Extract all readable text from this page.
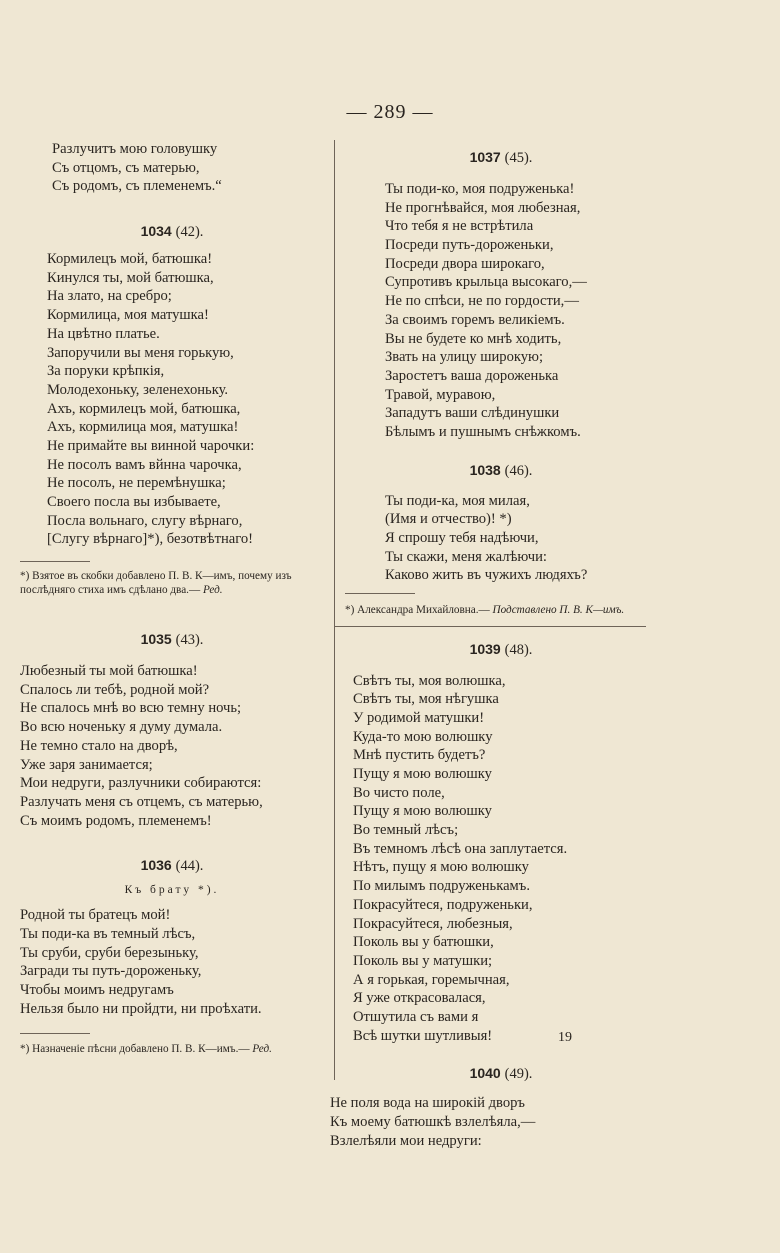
— 289 —
Разлучитъ мою головушку
Съ отцомъ, съ матерью,
Съ родомъ, съ племенемъ.“
1034 (42).
Кормилецъ мой, батюшка!
Кинулся ты, мой батюшка,
На злато, на сребро;
Кормилица, моя матушка!
На цвѣтно платье.
Запоручили вы меня горькую,
За поруки крѣпкія,
Молодехоньку, зеленехоньку.
Ахъ, кормилецъ мой, батюшка,
Ахъ, кормилица моя, матушка!
Не примайте вы винной чарочки:
Не посолъ вамъ вйнна чарочка,
Не посолъ, не перемѣнушка;
Своего посла вы избываете,
Посла вольнаго, слугу вѣрнаго,
[Слугу вѣрнаго]*), безотвѣтнаго!
*) Взятое въ скобки добавлено П. В. К—имъ, почему изъ послѣдняго стиха имъ сдѣлано два.— Ред.
1035 (43).
Любезный ты мой батюшка!
Спалось ли тебѣ, родной мой?
Не спалось мнѣ во всю темну ночь;
Во всю ноченьку я думу думала.
Не темно стало на дворѣ,
Уже заря занимается;
Мои недруги, разлучники собираются:
Разлучать меня съ отцемъ, съ матерью,
Съ моимъ родомъ, племенемъ!
1036 (44).
Къ брату *).
Родной ты братецъ мой!
Ты поди-ка въ темный лѣсъ,
Ты сруби, сруби березыньку,
Загради ты путь-дороженьку,
Чтобы моимъ недругамъ
Нельзя было ни пройдти, ни проѣхати.
*) Назначеніе пѣсни добавлено П. В. К—имъ.— Ред.
1037 (45).
Ты поди-ко, моя подруженька!
Не прогнѣвайся, моя любезная,
Что тебя я не встрѣтила
Посреди путь-дороженьки,
Посреди двора широкаго,
Супротивъ крыльца высокаго,—
Не по спѣси, не по гордости,—
За своимъ горемъ великіемъ.
Вы не будете ко мнѣ ходить,
Звать на улицу широкую;
Заростетъ ваша дороженька
Травой, муравою,
Западутъ ваши слѣдинушки
Бѣлымъ и пушнымъ снѣжкомъ.
1038 (46).
Ты поди-ка, моя милая,
(Имя и отчество)! *)
Я спрошу тебя надѣючи,
Ты скажи, меня жалѣючи:
Каково жить въ чужихъ людяхъ?
*) Александра Михайловна.— Подставлено П. В. К—имъ.
1039 (48).
Свѣтъ ты, моя волюшка,
Свѣтъ ты, моя нѣгушка
У родимой матушки!
Куда-то мою волюшку
Мнѣ пустить будетъ?
Пущу я мою волюшку
Во чисто поле,
Пущу я мою волюшку
Во темный лѣсъ;
Въ темномъ лѣсѣ она заплутается.
Нѣтъ, пущу я мою волюшку
По милымъ подруженькамъ.
Покрасуйтеся, подруженьки,
Покрасуйтеся, любезныя,
Поколь вы у батюшки,
Поколь вы у матушки;
А я горькая, горемычная,
Я уже открасовалася,
Отшутила съ вами я
Всѣ шутки шутливыя!
1040 (49).
Не поля вода на широкій дворъ
Къ моему батюшкѣ взлелѣяла,—
Взлелѣяли мои недруги:
19
